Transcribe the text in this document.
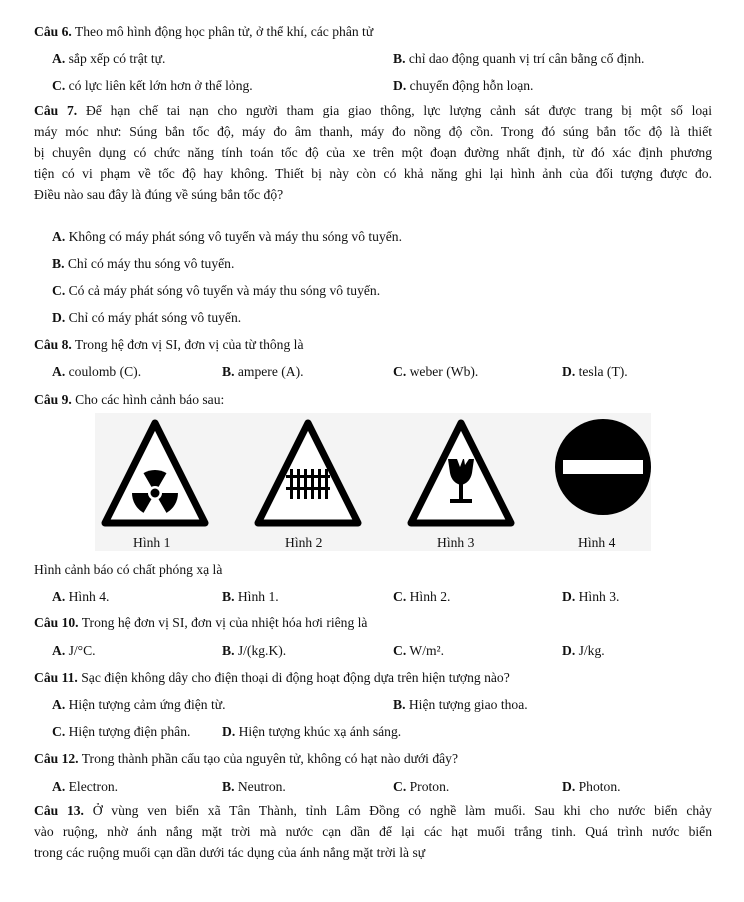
Câu 6. Theo mô hình động học phân tử, ở thể khí, các phân tử
A. sắp xếp có trật tự.	B. chỉ dao động quanh vị trí cân bằng cố định.
C. có lực liên kết lớn hơn ở thể lỏng.	D. chuyển động hỗn loạn.
Câu 7. Để hạn chế tai nạn cho người tham gia giao thông, lực lượng cảnh sát được trang bị một số loại
máy móc như: Súng bắn tốc độ, máy đo âm thanh, máy đo nồng độ cồn. Trong đó súng bắn tốc độ là thiết
bị chuyên dụng có chức năng tính toán tốc độ của xe trên một đoạn đường nhất định, từ đó xác định phương
tiện có vi phạm về tốc độ hay không. Thiết bị này còn có khả năng ghi lại hình ảnh của đối tượng được đo.
Điều nào sau đây là đúng về súng bắn tốc độ?
A. Không có máy phát sóng vô tuyến và máy thu sóng vô tuyến.
B. Chỉ có máy thu sóng vô tuyến.
C. Có cả máy phát sóng vô tuyến và máy thu sóng vô tuyến.
D. Chỉ có máy phát sóng vô tuyến.
Câu 8. Trong hệ đơn vị SI, đơn vị của từ thông là
A. coulomb (C).	B. ampere (A).	C. weber (Wb).	D. tesla (T).
Câu 9. Cho các hình cảnh báo sau:
Hình 1	Hình 2	Hình 3	Hình 4
Hình cảnh báo có chất phóng xạ là
A. Hình 4.	B. Hình 1.	C. Hình 2.	D. Hình 3.
Câu 10. Trong hệ đơn vị SI, đơn vị của nhiệt hóa hơi riêng là
A. J/°C.	B. J/(kg.K).	C. W/m².	D. J/kg.
Câu 11. Sạc điện không dây cho điện thoại di động hoạt động dựa trên hiện tượng nào?
A. Hiện tượng cảm ứng điện từ.	B. Hiện tượng giao thoa.
C. Hiện tượng điện phân. D. Hiện tượng khúc xạ ánh sáng.
Câu 12. Trong thành phần cấu tạo của nguyên tử, không có hạt nào dưới đây?
A. Electron.	B. Neutron.	C. Proton.	D. Photon.
Câu 13. Ở vùng ven biển xã Tân Thành, tỉnh Lâm Đồng có nghề làm muối. Sau khi cho nước biển chảy
vào ruộng, nhờ ánh nắng mặt trời mà nước cạn dần để lại các hạt muối trắng tinh. Quá trình nước biển
trong các ruộng muối cạn dần dưới tác dụng của ánh nắng mặt trời là sự
